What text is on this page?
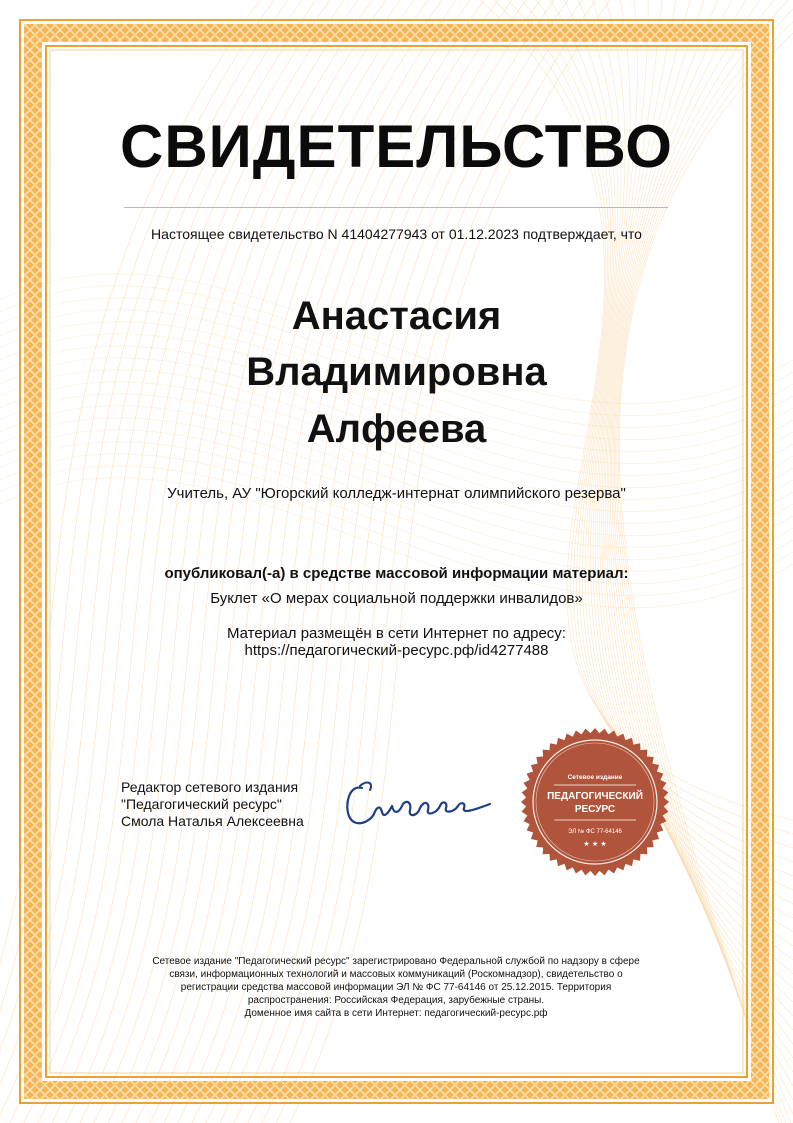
СВИДЕТЕЛЬСТВО
Настоящее свидетельство N 41404277943 от 01.12.2023 подтверждает, что
Анастасия
Владимировна
Алфеева
Учитель, АУ "Югорский колледж-интернат олимпийского резерва"
опубликовал(-а) в средстве массовой информации материал:
Буклет «О мерах социальной поддержки инвалидов»
Материал размещён в сети Интернет по адресу:
https://педагогический-ресурс.рф/id4277488
Редактор сетевого издания
"Педагогический ресурс"
Смола Наталья Алексеевна
Сетевое издание
ПЕДАГОГИЧЕСКИЙ
РЕСУРС
ЭЛ № ФС 77-64146
★ ★ ★
Сетевое издание "Педагогический ресурс" зарегистрировано Федеральной службой по надзору в сфере
связи, информационных технологий и массовых коммуникаций (Роскомнадзор), свидетельство о
регистрации средства массовой информации ЭЛ № ФС 77-64146 от 25.12.2015. Территория
распространения: Российская Федерация, зарубежные страны.
Доменное имя сайта в сети Интернет: педагогический-ресурс.рф
